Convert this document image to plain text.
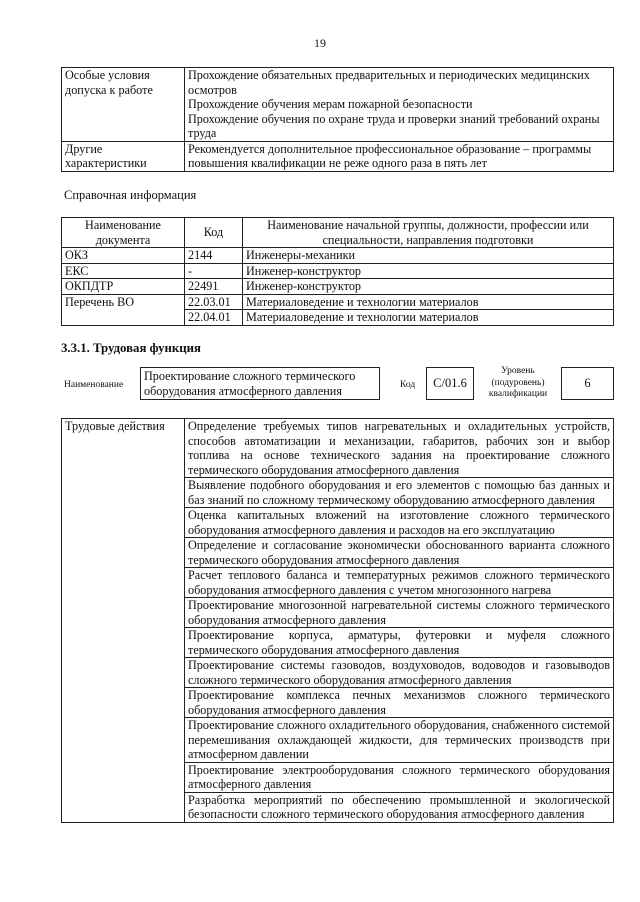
19
Особые условия допуска к работе	Прохождение обязательных предварительных и периодических медицинских осмотров

Прохождение обучения мерам пожарной безопасности

Прохождение обучения по охране труда и проверки знаний требований охраны труда

Другие характеристики	Рекомендуется дополнительное профессиональное образование – программы повышения квалификации не реже одного раза в пять лет

Справочная информация
Наименование документа	Код	Наименование начальной группы, должности, профессии или специальности, направления подготовки
ОКЗ	2144	Инженеры-механики
ЕКС	-	Инженер-конструктор
ОКПДТР	22491	Инженер-конструктор
Перечень ВО	22.03.01	Материаловедение и технологии материалов
	22.04.01	Материаловедение и технологии материалов
3.3.1. Трудовая функция
Наименование
Проектирование сложного термического оборудования атмосферного давления	Код	C/01.6
Уровень (подуровень) квалификации
6
Трудовые действия	Определение требуемых типов нагревательных и охладительных устройств, способов автоматизации и механизации, габаритов, рабочих зон и выбор топлива на основе технического задания на проектирование сложного термического оборудования атмосферного давления
Выявление подобного оборудования и его элементов с помощью баз данных и баз знаний по сложному термическому оборудованию атмосферного давления
Оценка капитальных вложений на изготовление сложного термического оборудования атмосферного давления и расходов на его эксплуатацию
Определение и согласование экономически обоснованного варианта сложного термического оборудования атмосферного давления
Расчет теплового баланса и температурных режимов сложного термического оборудования атмосферного давления с учетом многозонного нагрева
Проектирование многозонной нагревательной системы сложного термического оборудования атмосферного давления
Проектирование корпуса, арматуры, футеровки и муфеля сложного термического оборудования атмосферного давления
Проектирование системы газоводов, воздуховодов, водоводов и газовыводов сложного термического оборудования атмосферного давления
Проектирование комплекса печных механизмов сложного термического оборудования атмосферного давления
Проектирование сложного охладительного оборудования, снабженного системой перемешивания охлаждающей жидкости, для термических производств при атмосферном давлении
Проектирование электрооборудования сложного термического оборудования атмосферного давления
Разработка мероприятий по обеспечению промышленной и экологической безопасности сложного термического оборудования атмосферного давления
